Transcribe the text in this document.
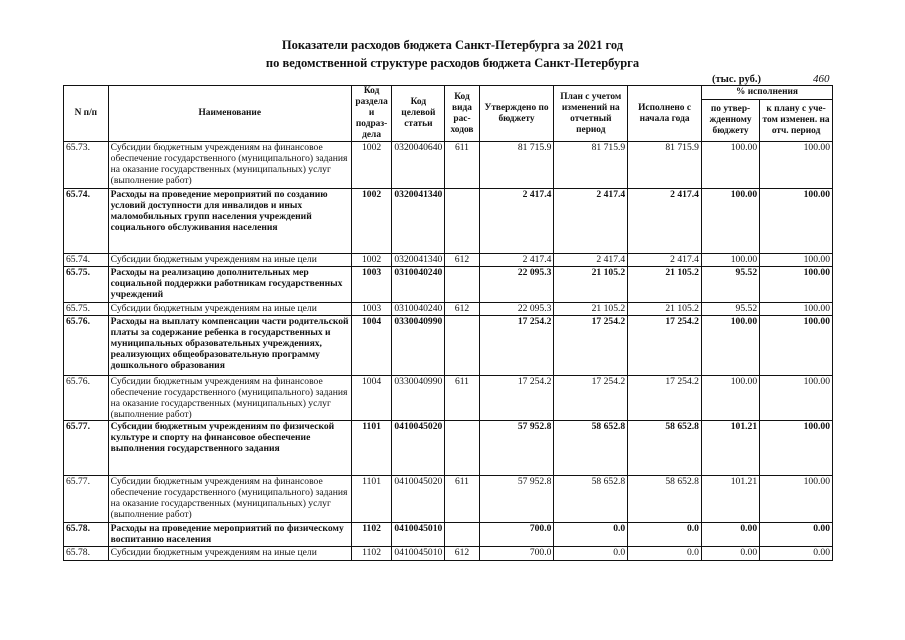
Показатели расходов бюджета Санкт-Петербурга за 2021 год
по ведомственной структуре расходов бюджета Санкт-Петербурга
(тыс. руб.)	460
N п/п	Наименование	Код раздела и подраз-дела	Код целевой статьи	Код вида рас-ходов	Утверждено по бюджету	План с учетом изменений на отчетный период	Исполнено с начала года	% исполнения	
								по утвер-жденному бюджету	к плану с уче-том изменен. на отч. период
65.73.	Субсидии бюджетным учреждениям на финансовое обеспечение государственного (муниципального) задания на оказание государственных (муниципальных) услуг (выполнение работ)	1002	0320040640	611	81 715.9	81 715.9	81 715.9	100.00	100.00
65.74.	Расходы на проведение мероприятий по созданию условий доступности для инвалидов и иных маломобильных групп населения учреждений социального обслуживания населения	1002	0320041340		2 417.4	2 417.4	2 417.4	100.00	100.00
65.74.	Субсидии бюджетным учреждениям на иные цели	1002	0320041340	612	2 417.4	2 417.4	2 417.4	100.00	100.00
65.75.	Расходы на реализацию дополнительных мер социальной поддержки работникам государственных учреждений	1003	0310040240		22 095.3	21 105.2	21 105.2	95.52	100.00
65.75.	Субсидии бюджетным учреждениям на иные цели	1003	0310040240	612	22 095.3	21 105.2	21 105.2	95.52	100.00
65.76.	Расходы на выплату компенсации части родительской платы за содержание ребенка в государственных и муниципальных образовательных учреждениях, реализующих общеобразовательную программу дошкольного образования	1004	0330040990		17 254.2	17 254.2	17 254.2	100.00	100.00
65.76.	Субсидии бюджетным учреждениям на финансовое обеспечение государственного (муниципального) задания на оказание государственных (муниципальных) услуг (выполнение работ)	1004	0330040990	611	17 254.2	17 254.2	17 254.2	100.00	100.00
65.77.	Субсидии бюджетным учреждениям по физической культуре и спорту на финансовое обеспечение выполнения государственного задания	1101	0410045020		57 952.8	58 652.8	58 652.8	101.21	100.00
65.77.	Субсидии бюджетным учреждениям на финансовое обеспечение государственного (муниципального) задания на оказание государственных (муниципальных) услуг (выполнение работ)	1101	0410045020	611	57 952.8	58 652.8	58 652.8	101.21	100.00
65.78.	Расходы на проведение мероприятий по физическому воспитанию населения	1102	0410045010		700.0	0.0	0.0	0.00	0.00
65.78.	Субсидии бюджетным учреждениям на иные цели	1102	0410045010	612	700.0	0.0	0.0	0.00	0.00
